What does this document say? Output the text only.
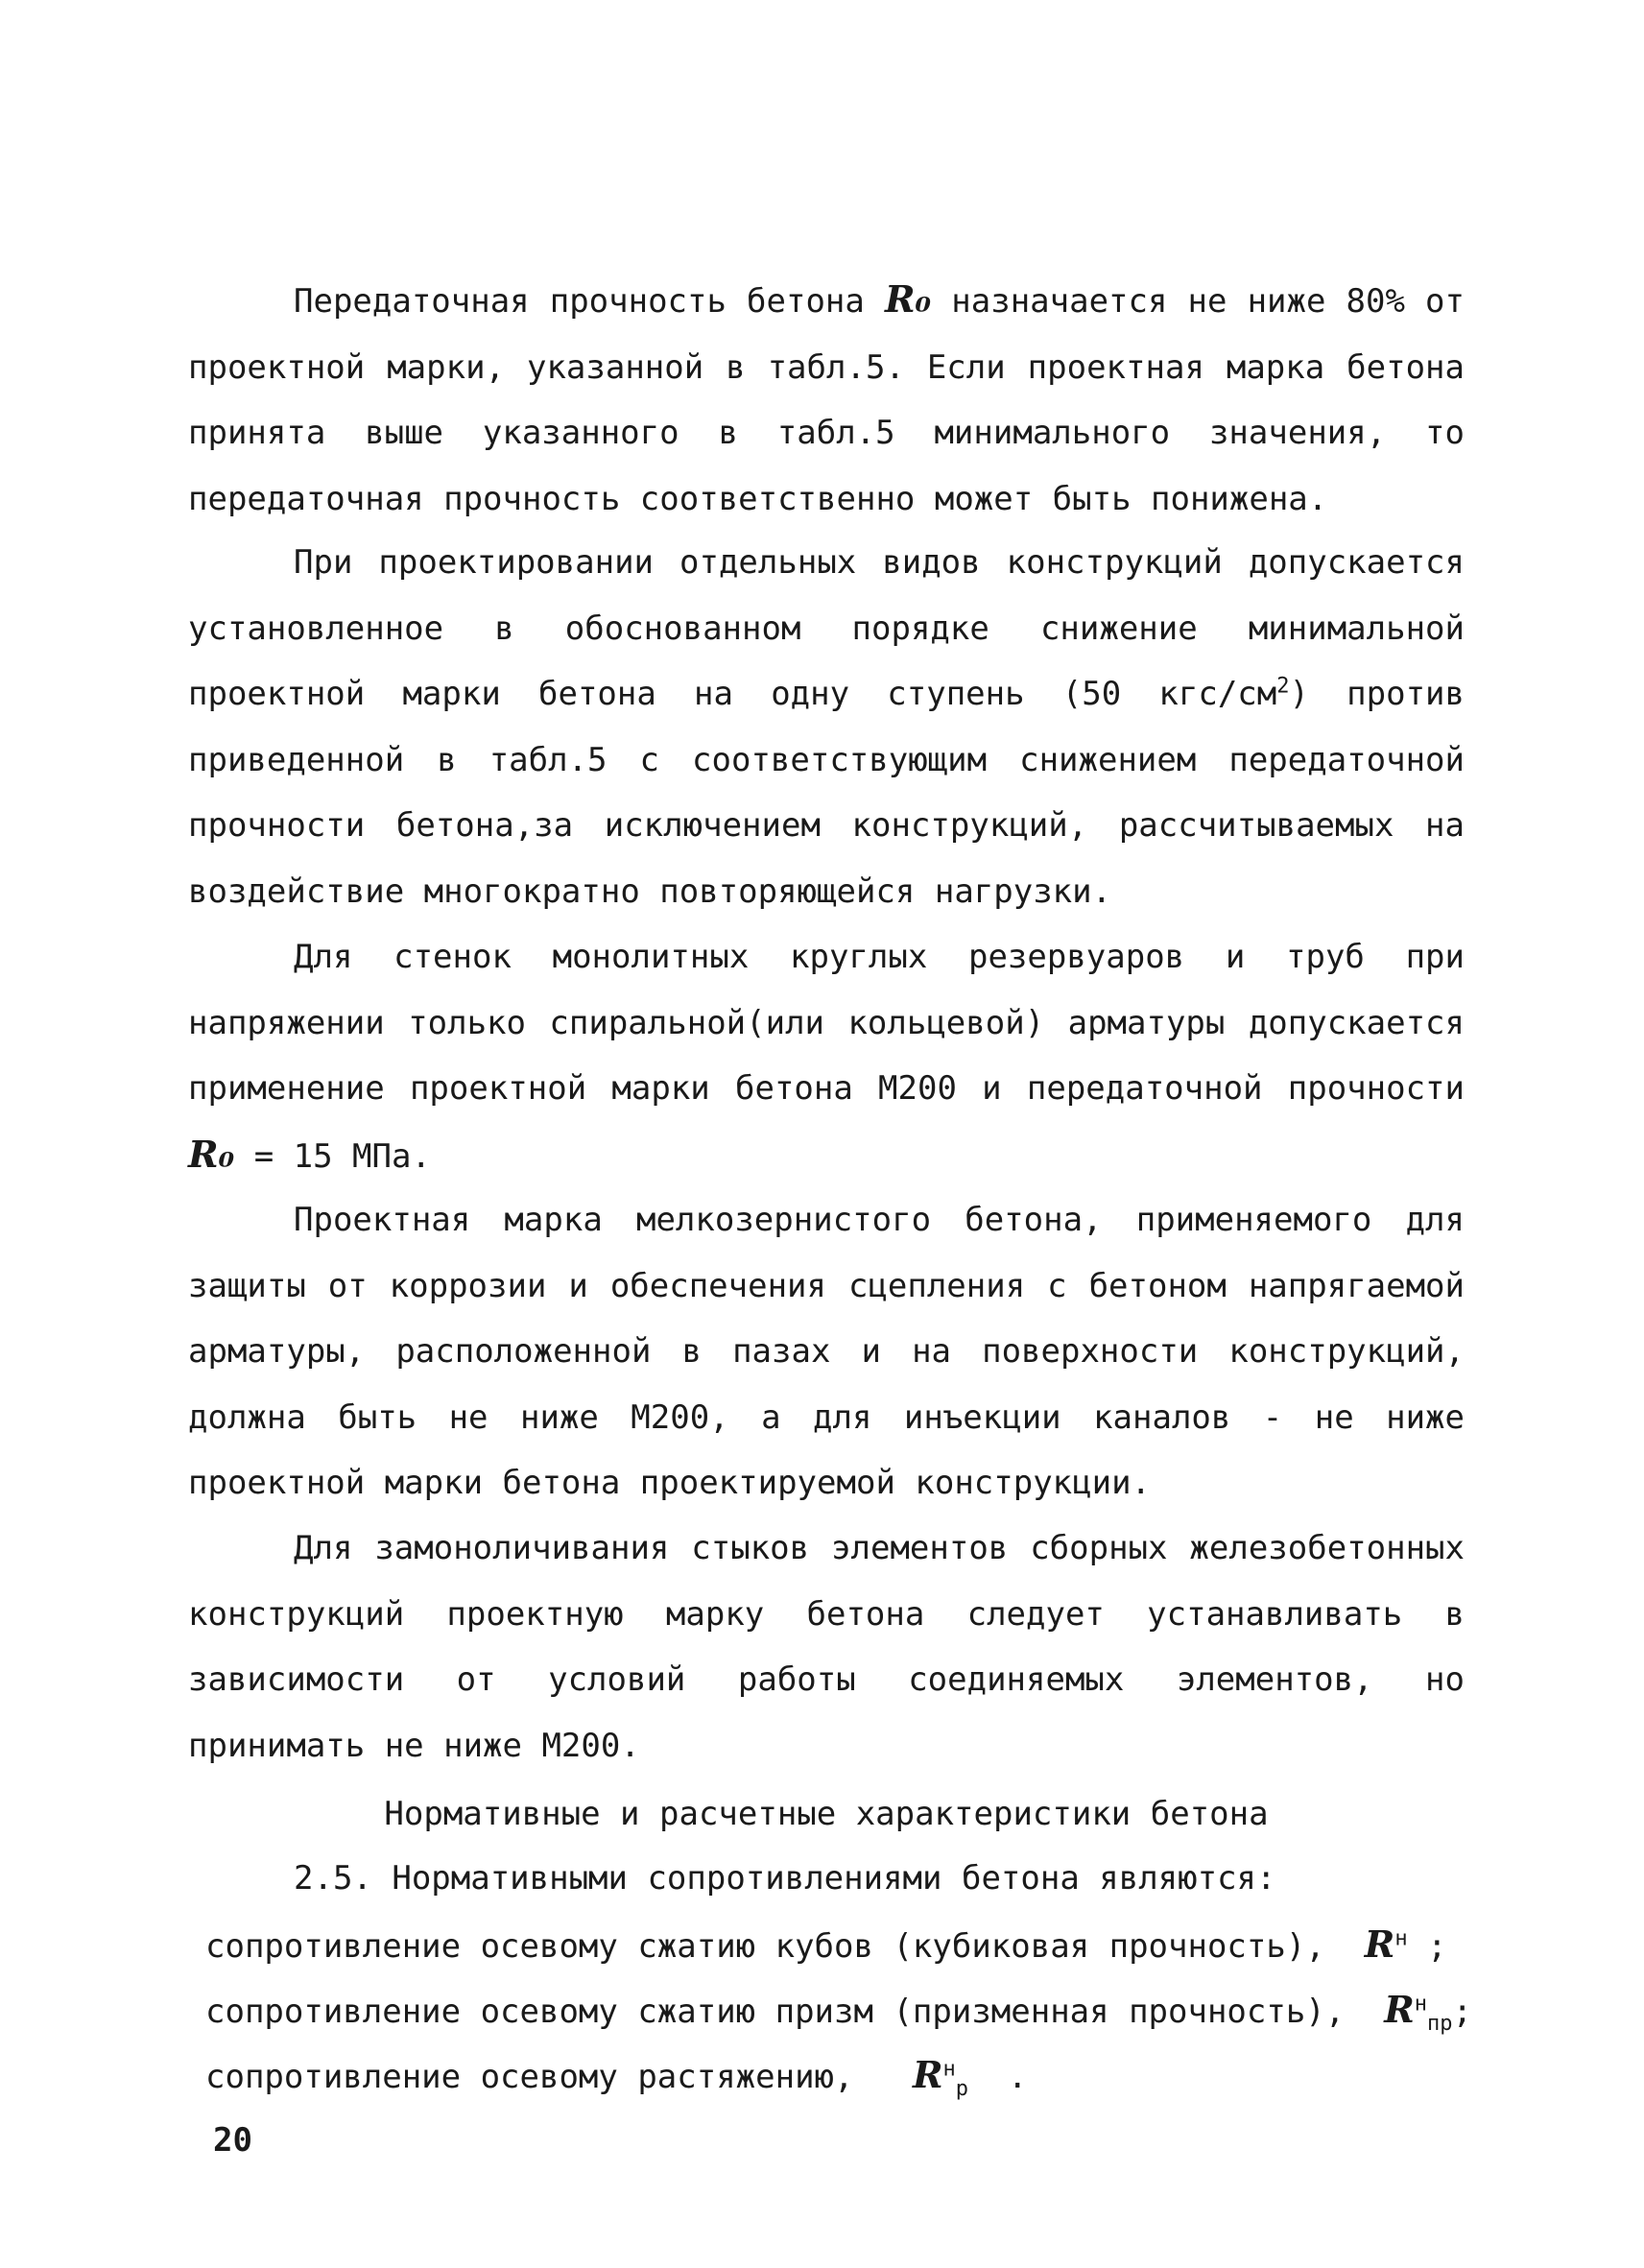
Передаточная прочность бетона R₀ назначается не ниже 80% от проектной марки, указанной в табл.5. Если проектная марка бетона принята выше указанного в табл.5 минимального значения, то передаточная прочность соответственно может быть понижена.

При проектировании отдельных видов конструкций допускается установленное в обоснованном порядке снижение минимальной проектной марки бетона на одну ступень (50 кгс/$см^2$) против приведенной в табл.5 с соответствующим снижением передаточной прочности бетона,за исключением конструкций, рассчитываемых на воздействие многократно повторяющейся нагрузки.

Для стенок монолитных круглых резервуаров и труб при напряжении только спиральной(или кольцевой) арматуры допускается применение проектной марки бетона М200 и передаточной прочности R₀ = 15 МПа.

Проектная марка мелкозернистого бетона, применяемого для защиты от коррозии и обеспечения сцепления с бетоном напрягаемой арматуры, расположенной в пазах и на поверхности конструкций, должна быть не ниже М200, а для инъекции каналов - не ниже проектной марки бетона проектируемой конструкции.

Для замоноличивания стыков элементов сборных железобетонных конструкций проектную марку бетона следует устанавливать в зависимости от условий работы соединяемых элементов, но принимать не ниже М200.

Нормативные и расчетные характеристики бетона

2.5. Нормативными сопротивлениями бетона являются:

сопротивление осевому сжатию кубов (кубиковая прочность), $R^н$ ;

сопротивление осевому сжатию призм (призменная прочность), $R^н_{пр}$;

сопротивление осевому растяжению, $R^н_р$ .

20
